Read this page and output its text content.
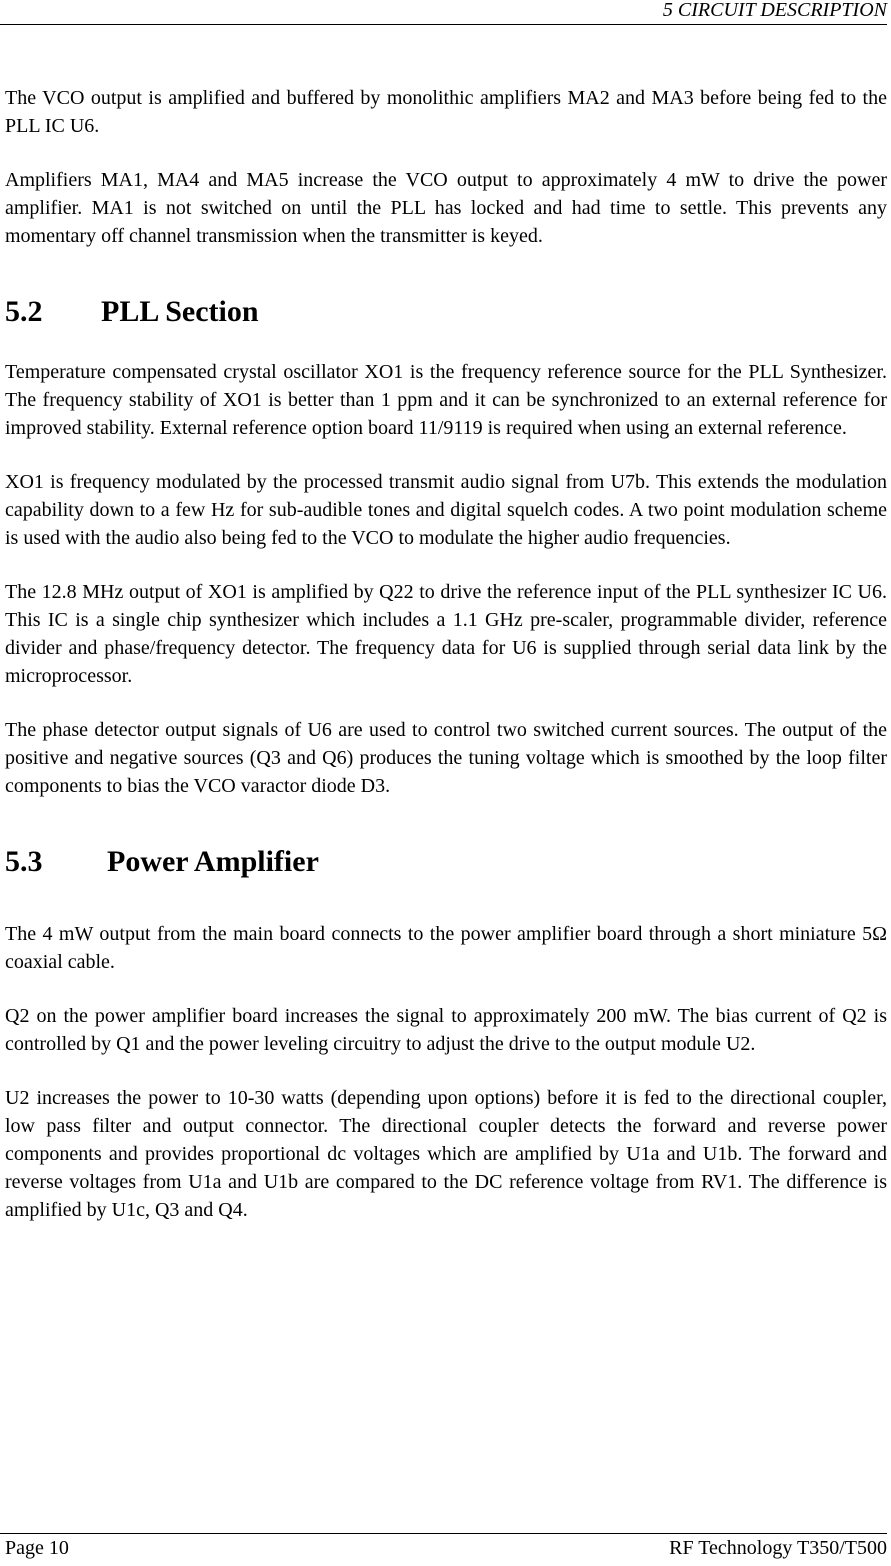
5 CIRCUIT DESCRIPTION

The VCO output is amplified and buffered by monolithic amplifiers MA2 and MA3 before being fed to the PLL IC U6.

Amplifiers MA1, MA4 and MA5 increase the VCO output to approximately 4 mW to drive the power amplifier. MA1 is not switched on until the PLL has locked and had time to settle. This prevents any momentary off channel transmission when the transmitter is keyed.

5.2	PLL Section

Temperature compensated crystal oscillator XO1 is the frequency reference source for the PLL Synthesizer. The frequency stability of XO1 is better than 1 ppm and it can be synchronized to an external reference for improved stability. External reference option board 11/9119 is required when using an external reference.

XO1 is frequency modulated by the processed transmit audio signal from U7b. This extends the modulation capability down to a few Hz for sub-audible tones and digital squelch codes. A two point modulation scheme is used with the audio also being fed to the VCO to modulate the higher audio frequencies.

The 12.8 MHz output of XO1 is amplified by Q22 to drive the reference input of the PLL synthesizer IC U6. This IC is a single chip synthesizer which includes a 1.1 GHz pre-scaler, programmable divider, reference divider and phase/frequency detector. The frequency data for U6 is supplied through serial data link by the microprocessor.

The phase detector output signals of U6 are used to control two switched current sources. The output of the positive and negative sources (Q3 and Q6) produces the tuning voltage which is smoothed by the loop filter components to bias the VCO varactor diode D3.

5.3	Power Amplifier

The 4 mW output from the main board connects to the power amplifier board through a short miniature 5Ω coaxial cable.

Q2 on the power amplifier board increases the signal to approximately 200 mW. The bias current of Q2 is controlled by Q1 and the power leveling circuitry to adjust the drive to the output module U2.

U2 increases the power to 10-30 watts (depending upon options) before it is fed to the directional coupler, low pass filter and output connector. The directional coupler detects the forward and reverse power components and provides proportional dc voltages which are amplified by U1a and U1b. The forward and reverse voltages from U1a and U1b are compared to the DC reference voltage from RV1. The difference is amplified by U1c, Q3 and Q4.

Page 10	RF Technology T350/T500
